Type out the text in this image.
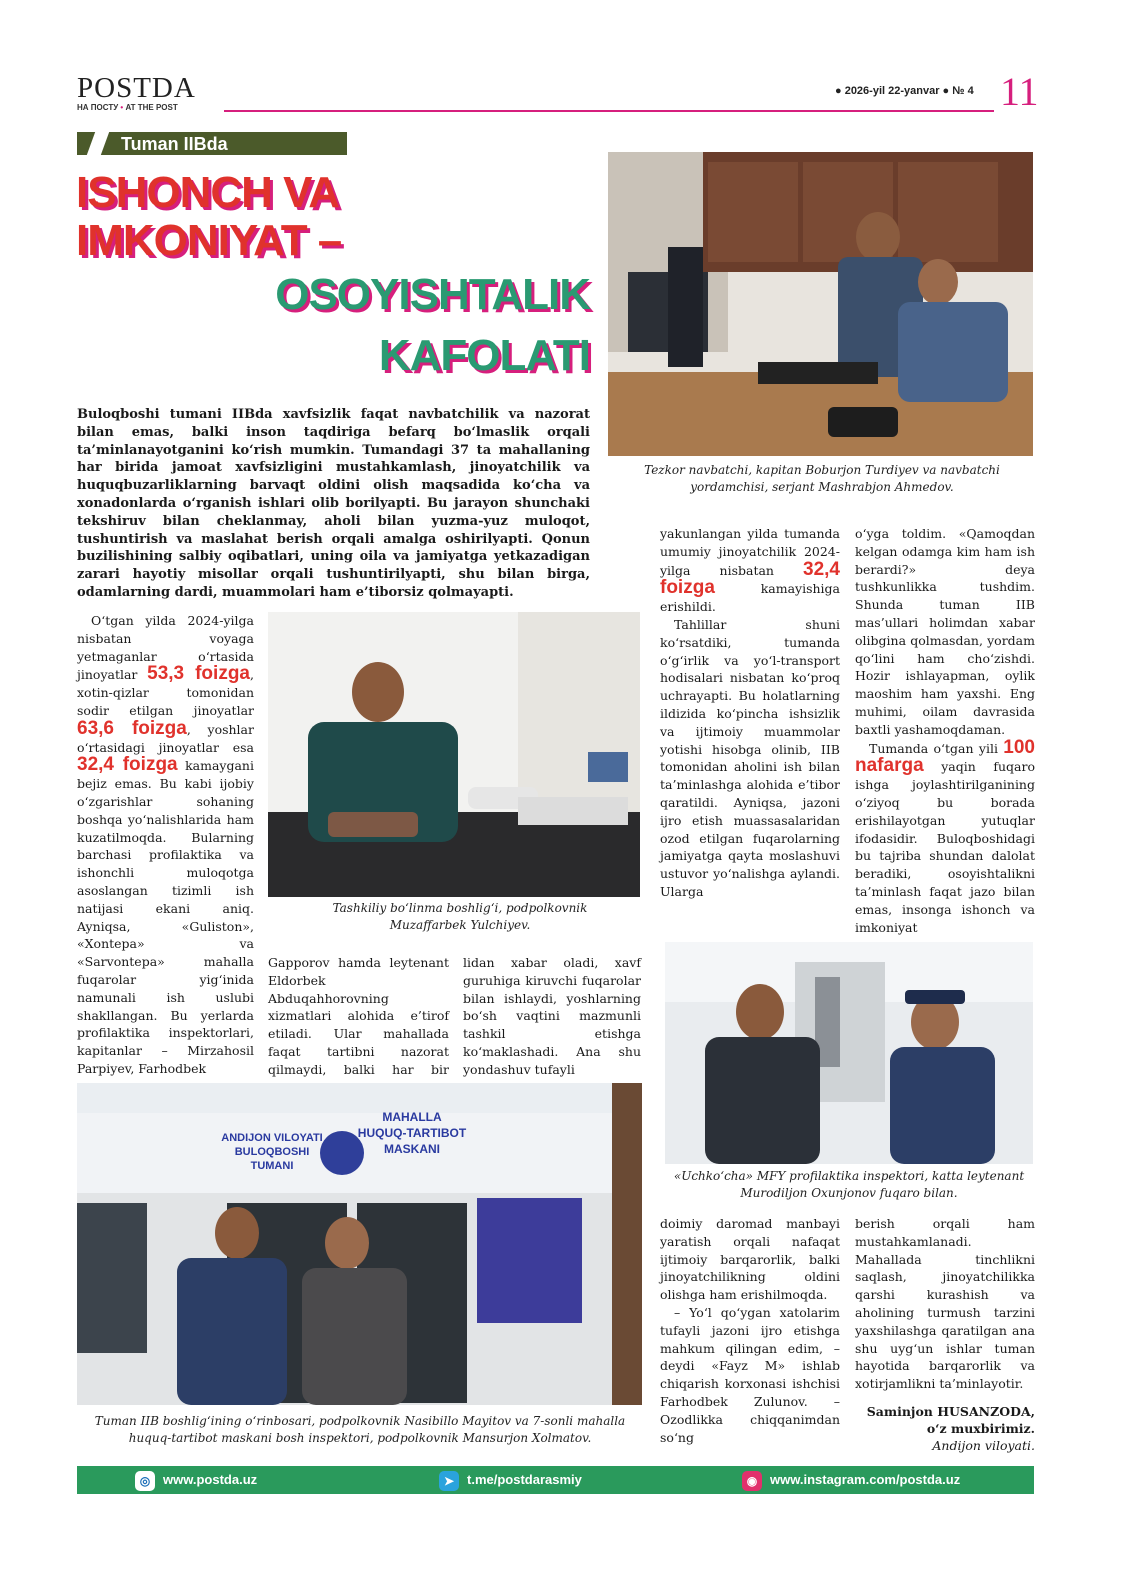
POSTDA
НА ПОСТУ • AT THE POST
● 2026-yil 22-yanvar ● № 4 11
Tuman IIBda
ISHONCH VA
IMKONIYAT –
OSOYISHTALIK
KAFOLATI
Buloqboshi tumani IIBda xavfsizlik faqat navbatchilik va nazorat bilan emas, balki inson taqdiriga befarq bo‘lmaslik orqali ta’minlanayotganini ko‘rish mumkin. Tumandagi 37 ta mahallaning har birida jamoat xavfsizligini mustahkamlash, jinoyatchilik va huquqbuzarliklarning barvaqt oldini olish maqsadida ko‘cha va xonadonlarda o‘rganish ishlari olib borilyapti. Bu jarayon shunchaki tekshiruv bilan cheklanmay, aholi bilan yuzma-yuz muloqot, tushuntirish va maslahat berish orqali amalga oshirilyapti. Qonun buzilishining salbiy oqibatlari, uning oila va jamiyatga yetkazadigan zarari hayotiy misollar orqali tushuntirilyapti, shu bilan birga, odamlarning dardi, muammolari ham e’tiborsiz qolmayapti.
Tezkor navbatchi, kapitan Boburjon Turdiyev va navbatchi yordamchisi, serjant Mashrabjon Ahmedov.

O‘tgan yilda 2024-yilga nisbatan voyaga yetmaganlar o‘rtasida jinoyatlar 53,3 foizga, xotin-qizlar tomonidan sodir etilgan jinoyatlar 63,6 foizga, yoshlar o‘rtasidagi jinoyatlar esa 32,4 foizga kamaygani bejiz emas. Bu kabi ijobiy o‘zgarishlar sohaning boshqa yo‘nalishlarida ham kuzatilmoqda. Bularning barchasi profilaktika va ishonchli muloqotga asoslangan tizimli ish natijasi ekani aniq. Ayniqsa, «Guliston», «Xontepa» va «Sarvontepa» mahalla fuqarolar yig‘inida namunali ish uslubi shakllangan. Bu yerlarda profilaktika inspektorlari, kapitanlar – Mirzahosil Parpiyev, Farhodbek

Tashkiliy bo‘linma boshlig‘i, podpolkovnik Muzaffarbek Yulchiyev.

Gapporov hamda leytenant Eldorbek Abduqahhorovning xizmatlari alohida e’tirof etiladi. Ular mahallada faqat tartibni nazorat qilmaydi, balki har bir

lidan xabar oladi, xavf guruhiga kiruvchi fuqarolar bilan ishlaydi, yoshlarning bo‘sh vaqtini mazmunli tashkil etishga ko‘maklashadi. Ana shu yondashuv tufayli

yakunlangan yilda tumanda umumiy jinoyatchilik 2024-yilga nisbatan 32,4 foizga	kamayishiga erishildi.

Tahlillar shuni ko‘rsatdiki, tumanda o‘g‘irlik va yo‘l-transport hodisalari nisbatan ko‘proq uchrayapti. Bu holatlarning ildizida ko‘pincha ishsizlik va ijtimoiy muammolar yotishi hisobga olinib, IIB tomonidan aholini ish bilan ta’minlashga alohida e’tibor qaratildi. Ayniqsa, jazoni ijro etish muassasalaridan ozod etilgan fuqarolarning jamiyatga qayta moslashuvi ustuvor yo‘nalishga aylandi. Ularga

o‘yga toldim. «Qamoqdan kelgan odamga kim ham ish berardi?» deya tushkunlikka tushdim. Shunda tuman IIB mas’ullari holimdan xabar olibgina qolmasdan, yordam qo‘lini ham cho‘zishdi. Hozir ishlayapman, oylik maoshim ham yaxshi. Eng muhimi, oilam davrasida baxtli yashamoqdaman.

Tumanda o‘tgan yili 100 nafarga yaqin fuqaro ishga joylashtirilganining o‘ziyoq bu borada erishilayotgan yutuqlar ifodasidir. Buloqboshidagi bu tajriba shundan dalolat beradiki, osoyishtalikni ta’minlash faqat jazo bilan emas, insonga ishonch va imkoniyat

«Uchko‘cha» MFY profilaktika inspektori, katta leytenant Murodiljon Oxunjonov fuqaro bilan.
ANDIJON VILOYATI
BULOQBOSHI
TUMANI
MAHALLA
HUQUQ-TARTIBOT
MASKANI
Tuman IIB boshlig‘ining o‘rinbosari, podpolkovnik Nasibillo Mayitov va 7-sonli mahalla huquq-tartibot maskani bosh inspektori, podpolkovnik Mansurjon Xolmatov.

doimiy daromad manbayi yaratish orqali nafaqat ijtimoiy barqarorlik, balki jinoyatchilikning oldini olishga ham erishilmoqda.

– Yo‘l qo‘ygan xatolarim tufayli jazoni ijro etishga mahkum qilingan edim, – deydi «Fayz M» ishlab chiqarish korxonasi ishchisi Farhodbek Zulunov. – Ozodlikka chiqqanimdan so‘ng

berish orqali ham mustahkamlanadi. Mahallada tinchlikni saqlash, jinoyatchilikka qarshi kurashish va aholining turmush tarzini yaxshilashga qaratilgan ana shu uyg‘un ishlar tuman hayotida barqarorlik va xotirjamlikni ta’minlayotir.

Saminjon HUSANZODA,
o‘z muxbirimiz.
Andijon viloyati.
◎ www.postda.uz	➤ t.me/postdarasmiy	◉ www.instagram.com/postda.uz
